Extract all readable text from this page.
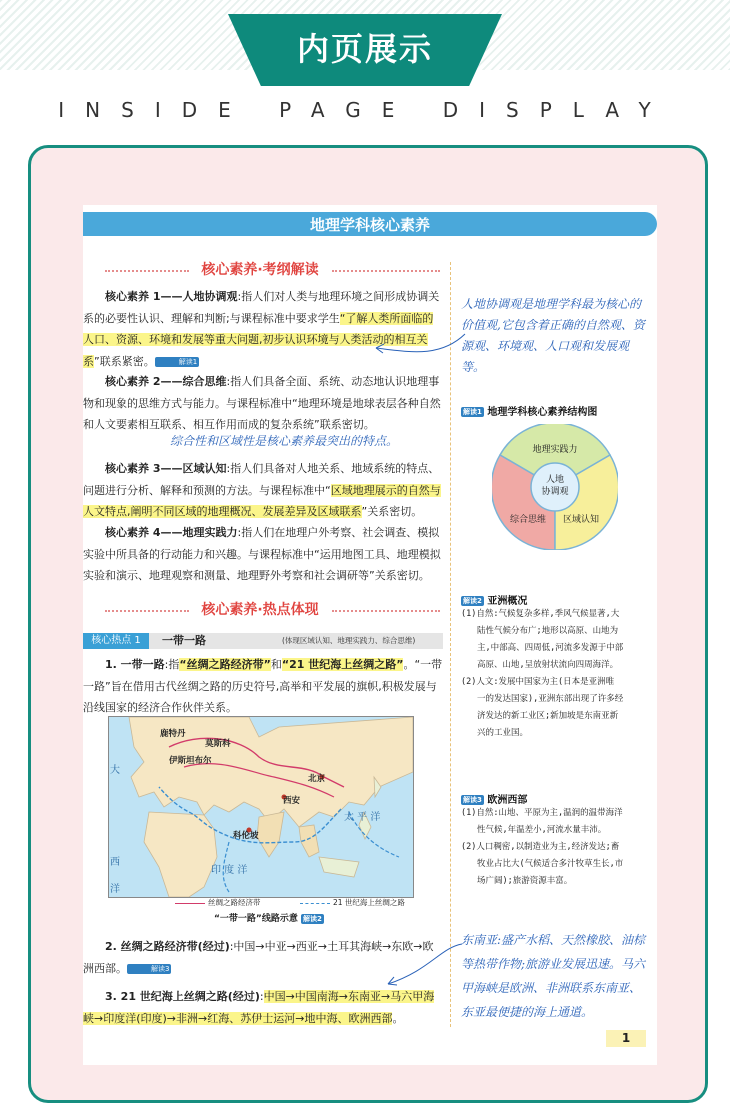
内页展示
INSIDE PAGE DISPLAY
地理学科核心素养
核心素养·考纲解读
核心素养 1——人地协调观:指人们对人类与地理环境之间形成协调关系的必要性认识、理解和判断;与课程标准中要求学生“了解人类所面临的人口、资源、环境和发展等重大问题,初步认识环境与人类活动的相互关系”联系紧密。	解读1
核心素养 2——综合思维:指人们具备全面、系统、动态地认识地理事物和现象的思维方式与能力。与课程标准中“地理环境是地球表层各种自然和人文要素相互联系、相互作用而成的复杂系统”联系密切。
综合性和区域性是核心素养最突出的特点。
核心素养 3——区域认知:指人们具备对人地关系、地域系统的特点、问题进行分析、解释和预测的方法。与课程标准中“区域地理展示的自然与人文特点,阐明不同区域的地理概况、发展差异及区域联系”关系密切。
核心素养 4——地理实践力:指人们在地理户外考察、社会调查、模拟实验中所具备的行动能力和兴趣。与课程标准中“运用地图工具、地理模拟实验和演示、地理观察和测量、地理野外考察和社会调研等”关系密切。
核心素养·热点体现
核心热点 1	一带一路	(体现区域认知、地理实践力、综合思维)
1. 一带一路:指“丝绸之路经济带”和“21 世纪海上丝绸之路”。“一带一路”旨在借用古代丝绸之路的历史符号,高举和平发展的旗帜,积极发展与沿线国家的经济合作伙伴关系。
鹿特丹
莫斯科
伊斯坦布尔
北京
西安
科伦坡
太 平 洋
印 度 洋
大
西
洋
丝绸之路经济带	21 世纪海上丝绸之路
“一带一路”线路示意 解读2
2. 丝绸之路经济带(经过):中国→中亚→西亚→土耳其海峡→东欧→欧洲西部。	解读3
3. 21 世纪海上丝绸之路(经过):中国→中国南海→东南亚→马六甲海峡→印度洋(印度)→非洲→红海、苏伊士运河→地中海、欧洲西部。
人地协调观是地理学科最为核心的价值观,它包含着正确的自然观、资源观、环境观、人口观和发展观等。
解读1 地理学科核心素养结构图
人地
协调观
地理实践力
综合思维	区域认知
解读2 亚洲概况
(1)自然:气候复杂多样,季风气候显著,大
陆性气候分布广;地形以高原、山地为
主,中部高、四周低,河流多发源于中部
高原、山地,呈放射状流向四周海洋。
(2)人文:发展中国家为主(日本是亚洲唯
一的发达国家),亚洲东部出现了许多经
济发达的新工业区;新加坡是东南亚新
兴的工业国。
解读3 欧洲西部
(1)自然:山地、平原为主,温润的温带海洋
性气候,年温差小,河流水量丰沛。
(2)人口稠密,以制造业为主,经济发达;畜
牧业占比大(气候适合多汁牧草生长,市
场广阔);旅游资源丰富。
东南亚:盛产水稻、天然橡胶、油棕等热带作物;旅游业发展迅速。马六甲海峡是欧洲、非洲联系东南亚、东亚最便捷的海上通道。
1
